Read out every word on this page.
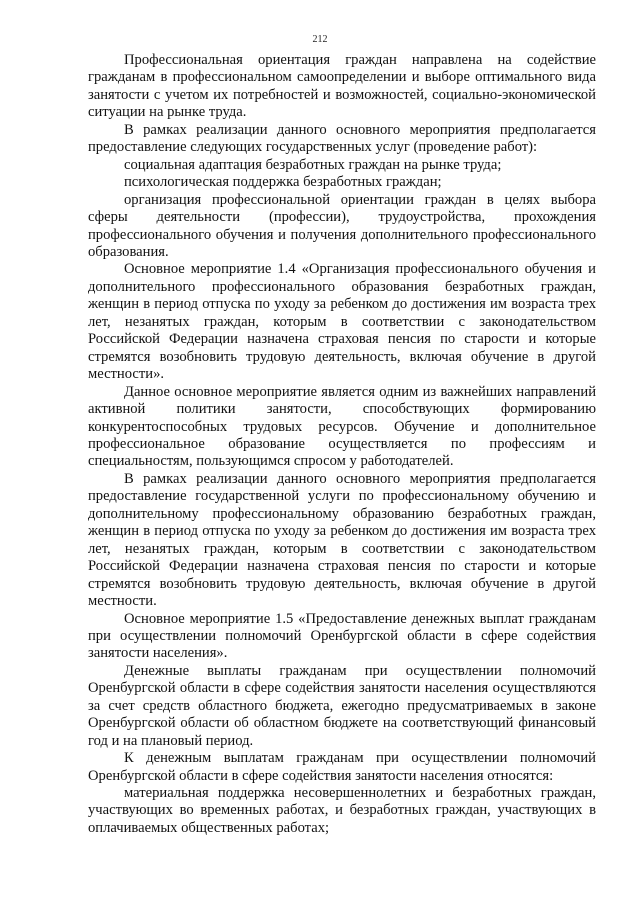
212

Профессиональная ориентация граждан направлена на содействие гражданам в профессиональном самоопределении и выборе оптимального вида занятости с учетом их потребностей и возможностей, социально-экономической ситуации на рынке труда.

В рамках реализации данного основного мероприятия предполагается предоставление следующих государственных услуг (проведение работ):

социальная адаптация безработных граждан на рынке труда;

психологическая поддержка безработных граждан;

организация профессиональной ориентации граждан в целях выбора сферы деятельности (профессии), трудоустройства, прохождения профессионального обучения и получения дополнительного профессионального образования.

Основное мероприятие 1.4 «Организация профессионального обучения и дополнительного профессионального образования безработных граждан, женщин в период отпуска по уходу за ребенком до достижения им возраста трех лет, незанятых граждан, которым в соответствии с законодательством Российской Федерации назначена страховая пенсия по старости и которые стремятся возобновить трудовую деятельность, включая обучение в другой местности».

Данное основное мероприятие является одним из важнейших направлений активной политики занятости, способствующих формированию конкурентоспособных трудовых ресурсов. Обучение и дополнительное профессиональное образование осуществляется по профессиям и специальностям, пользующимся спросом у работодателей.

В рамках реализации данного основного мероприятия предполагается предоставление государственной услуги по профессиональному обучению и дополнительному профессиональному образованию безработных граждан, женщин в период отпуска по уходу за ребенком до достижения им возраста трех лет, незанятых граждан, которым в соответствии с законодательством Российской Федерации назначена страховая пенсия по старости и которые стремятся возобновить трудовую деятельность, включая обучение в другой местности.

Основное мероприятие 1.5 «Предоставление денежных выплат гражданам при осуществлении полномочий Оренбургской области в сфере содействия занятости населения».

Денежные выплаты гражданам при осуществлении полномочий Оренбургской области в сфере содействия занятости населения осуществляются за счет средств областного бюджета, ежегодно предусматриваемых в законе Оренбургской области об областном бюджете на соответствующий финансовый год и на плановый период.

К денежным выплатам гражданам при осуществлении полномочий Оренбургской области в сфере содействия занятости населения относятся:

материальная поддержка несовершеннолетних и безработных граждан, участвующих во временных работах, и безработных граждан, участвующих в оплачиваемых общественных работах;
